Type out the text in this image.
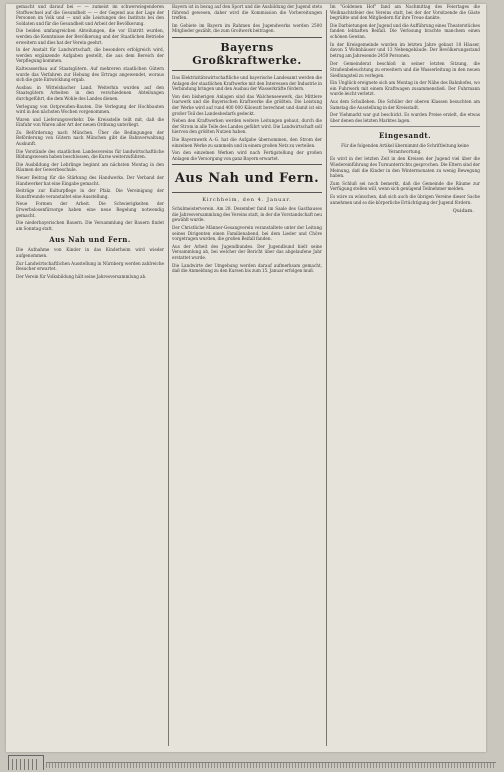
gemacht und darauf bei — — zumeist im schwerwiegenderen Stoffwechsel auf die Gesundheit — — der Gegend aus der Lage der Personen im Volk und — und alle Leistungen des Instituts bei den Soldaten und für die Gesundheit und Arbeit der Bevölkerung.

Die beiden umfangreichen Abteilungen, die vor Eintritt wurden, werden die Kenntnisse der Bevölkerung und der Staatlichen Betriebe erweitern und dies hat der Verein geehrt.

In der Anstalt für Landwirtschaft, die besonders erfolgreich wird, werden ergänzende Aufgaben gestellt, die aus dem Bereich der Verpflegung kommen.

Kaltwasserbau auf Staatsgütern. Auf mehreren staatlichen Gütern wurde das Verfahren zur Hebung des Ertrags angewendet, woraus sich die gute Entwicklung ergab.

Ausbau in Wittelsbacher Land. Weiterhin wurden auf den Staatsgütern Arbeiten in den verschiedenen Abteilungen durchgeführt, die dem Wohle des Landes dienen.

Verlegung von Ostpreußen-Bauten. Die Verlegung der Hochbauten wird in den nächsten Wochen vorgenommen.

Waren und Lieferungsverkehr. Die Kreisstelle teilt mit, daß die Einfuhr von Waren aller Art der neuen Ordnung unterliegt.

Zu Beförderung nach München. Über die Bedingungen der Beförderung von Gütern nach München gibt die Bahnverwaltung Auskunft.

Die Vorstände des staatlichen Landesvereins für landwirtschaftliche Bildungswesen haben beschlossen, die Kurse weiterzuführen.

Die Ausbildung der Lehrlinge beginnt am nächsten Montag in den Räumen der Gewerbeschule.

Neuer Beitrag für die Stärkung des Handwerks. Der Verband der Handwerker hat eine Eingabe gemacht.

Beiträge zur Kulturpflege in der Pfalz. Die Vereinigung der Kunstfreunde veranstaltet eine Ausstellung.

Neue Formen der Arbeit. Die Schwierigkeiten der Erwerbslosenfürsorge haben eine neue Regelung notwendig gemacht.

Die niederbayerischen Bauern. Die Versammlung der Bauern findet am Sonntag statt.

Aus Nah und Fern.

Die Aufnahme von Kinder in das Kinderheim wird wieder aufgenommen.

Zur Landwirtschaftlichen Ausstellung in Nürnberg werden zahlreiche Besucher erwartet.

Der Verein für Volksbildung hält seine Jahresversammlung ab.

Bayern ist in bezug auf den Sport und die Ausbildung der Jugend stets führend gewesen, daher wird die Kommission die Vorbereitungen treffen.

Im Gebiete im Bayern im Rahmen des Jugendwerks werden 2500 Mitglieder gezählt, die zum Großwerk beitragen.

Bayerns Großkraftwerke.

Das Elektrizitätswirtschaftliche und bayerische Landesamt werden die Anlagen der staatlichen Kraftwerke mit den Interessen der Industrie in Verbindung bringen und den Ausbau der Wasserkräfte fördern.

Von den bisherigen Anlagen sind das Walchenseewerk, das Mittlere Isarwerk und die Bayerischen Kraftwerke die größten. Die Leistung der Werke wird auf rund 400 000 Kilowatt berechnet und damit ist ein großer Teil des Landesbedarfs gedeckt.

Neben den Kraftwerken werden weitere Leitungen gebaut, durch die der Strom in alle Teile des Landes geführt wird. Die Landwirtschaft soll hiervon den größten Nutzen haben.

Die Bayernwerk A.-G. hat die Aufgabe übernommen, den Strom der einzelnen Werke zu sammeln und in einem großen Netz zu verteilen.

Von den einzelnen Werken wird nach Fertigstellung der großen Anlagen die Versorgung von ganz Bayern erwartet.

Aus Nah und Fern.
Kirchheim, den 4. Januar.

Schulmeisterverein. Am 28. Dezember fand im Saale des Gasthauses die Jahresversammlung des Vereins statt, in der die Vorstandschaft neu gewählt wurde.

Der Christliche Männer-Gesangverein veranstaltete unter der Leitung seines Dirigenten einen Familienabend, bei dem Lieder und Chöre vorgetragen wurden, die großen Beifall fanden.

Aus der Arbeit des Jugendbundes. Der Jugendbund hielt seine Versammlung ab, bei welcher der Bericht über das abgelaufene Jahr erstattet wurde.

Die Landwirte der Umgebung werden darauf aufmerksam gemacht, daß die Anmeldung zu den Kursen bis zum 15. Januar erfolgen muß.

Im "Goldenen Hof" fand am Nachmittag des Feiertages die Weihnachtsfeier des Vereins statt, bei der der Vorsitzende die Gäste begrüßte und den Mitgliedern für ihre Treue dankte.

Die Darbietungen der Jugend und die Aufführung eines Theaterstückes fanden lebhaften Beifall. Die Verlosung brachte manchem einen schönen Gewinn.

In der Kreisgemeinde wurden im letzten Jahre gebaut 18 Häuser, davon 5 Wohnhäuser und 13 Nebengebäude. Der Bevölkerungsstand betrug am Jahresende 2450 Personen.

Der Gemeinderat beschloß in seiner letzten Sitzung, die Straßenbeleuchtung zu erweitern und die Wasserleitung in den neuen Siedlungsteil zu verlegen.

Ein Unglück ereignete sich am Montag in der Nähe des Bahnhofes, wo ein Fuhrwerk mit einem Kraftwagen zusammenstieß. Der Fuhrmann wurde leicht verletzt.

Aus dem Schulleben. Die Schüler der oberen Klassen besuchten am Samstag die Ausstellung in der Kreisstadt.

Der Viehmarkt war gut beschickt. Es wurden Preise erzielt, die etwas über denen des letzten Marktes lagen.

Eingesandt.

Für die folgenden Artikel übernimmt die Schriftleitung keine Verantwortung.

Es wird in der letzten Zeit in den Kreisen der Jugend viel über die Wiedereinführung des Turnunterrichts gesprochen. Die Eltern sind der Meinung, daß die Kinder in den Wintermonaten zu wenig Bewegung haben.

Zum Schluß sei noch bemerkt, daß die Gemeinde die Räume zur Verfügung stellen will, wenn sich genügend Teilnehmer melden.

Es wäre zu wünschen, daß sich auch die übrigen Vereine dieser Sache annehmen und so die körperliche Ertüchtigung der Jugend fördern.

Quidam.
